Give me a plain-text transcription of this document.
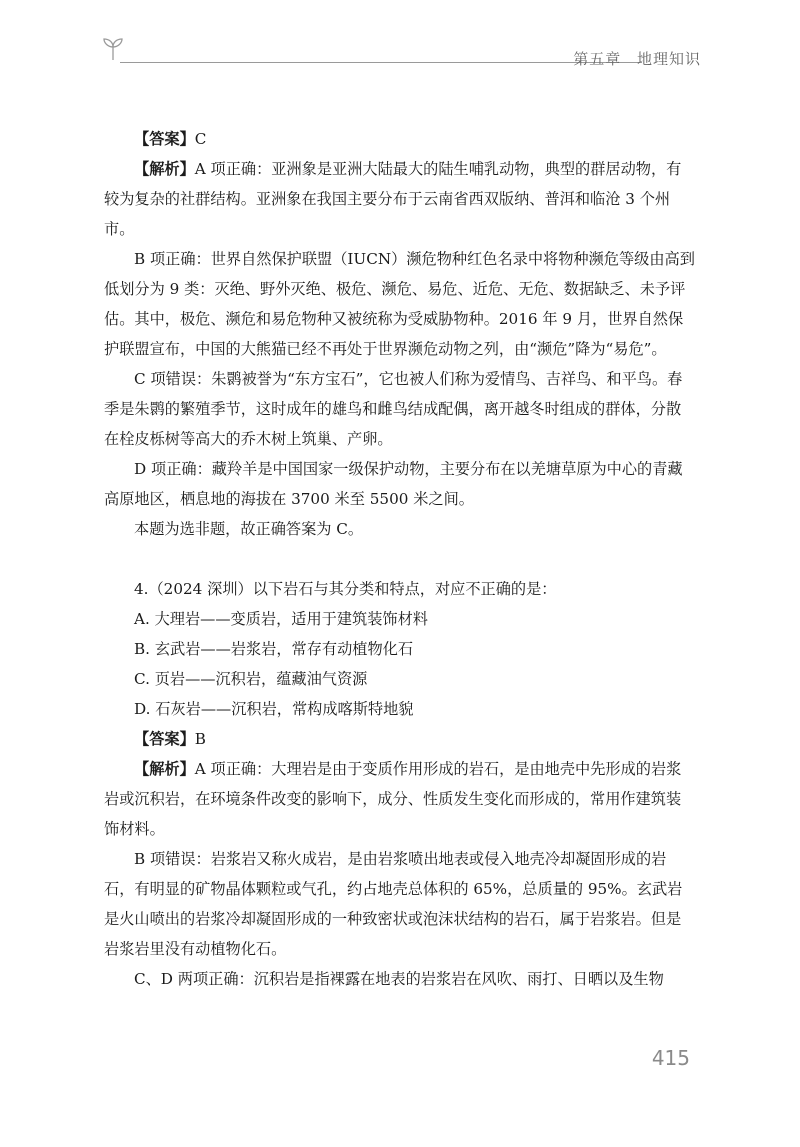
第五章 地理知识

【答案】C

【解析】A 项正确：亚洲象是亚洲大陆最大的陆生哺乳动物，典型的群居动物，有较为复杂的社群结构。亚洲象在我国主要分布于云南省西双版纳、普洱和临沧 3 个州市。

B 项正确：世界自然保护联盟（IUCN）濒危物种红色名录中将物种濒危等级由高到低划分为 9 类：灭绝、野外灭绝、极危、濒危、易危、近危、无危、数据缺乏、未予评估。其中，极危、濒危和易危物种又被统称为受威胁物种。2016 年 9 月，世界自然保护联盟宣布，中国的大熊猫已经不再处于世界濒危动物之列，由“濒危”降为“易危”。

C 项错误：朱鹮被誉为“东方宝石”，它也被人们称为爱情鸟、吉祥鸟、和平鸟。春季是朱鹮的繁殖季节，这时成年的雄鸟和雌鸟结成配偶，离开越冬时组成的群体，分散在栓皮栎树等高大的乔木树上筑巢、产卵。

D 项正确：藏羚羊是中国国家一级保护动物，主要分布在以羌塘草原为中心的青藏高原地区，栖息地的海拔在 3700 米至 5500 米之间。

本题为选非题，故正确答案为 C。

4.（2024 深圳）以下岩石与其分类和特点，对应不正确的是：

A. 大理岩——变质岩，适用于建筑装饰材料

B. 玄武岩——岩浆岩，常存有动植物化石

C. 页岩——沉积岩，蕴藏油气资源

D. 石灰岩——沉积岩，常构成喀斯特地貌

【答案】B

【解析】A 项正确：大理岩是由于变质作用形成的岩石，是由地壳中先形成的岩浆岩或沉积岩，在环境条件改变的影响下，成分、性质发生变化而形成的，常用作建筑装饰材料。

B 项错误：岩浆岩又称火成岩，是由岩浆喷出地表或侵入地壳冷却凝固形成的岩石，有明显的矿物晶体颗粒或气孔，约占地壳总体积的 65%，总质量的 95%。玄武岩是火山喷出的岩浆冷却凝固形成的一种致密状或泡沫状结构的岩石，属于岩浆岩。但是岩浆岩里没有动植物化石。

C、D 两项正确：沉积岩是指裸露在地表的岩浆岩在风吹、雨打、日晒以及生物

415
